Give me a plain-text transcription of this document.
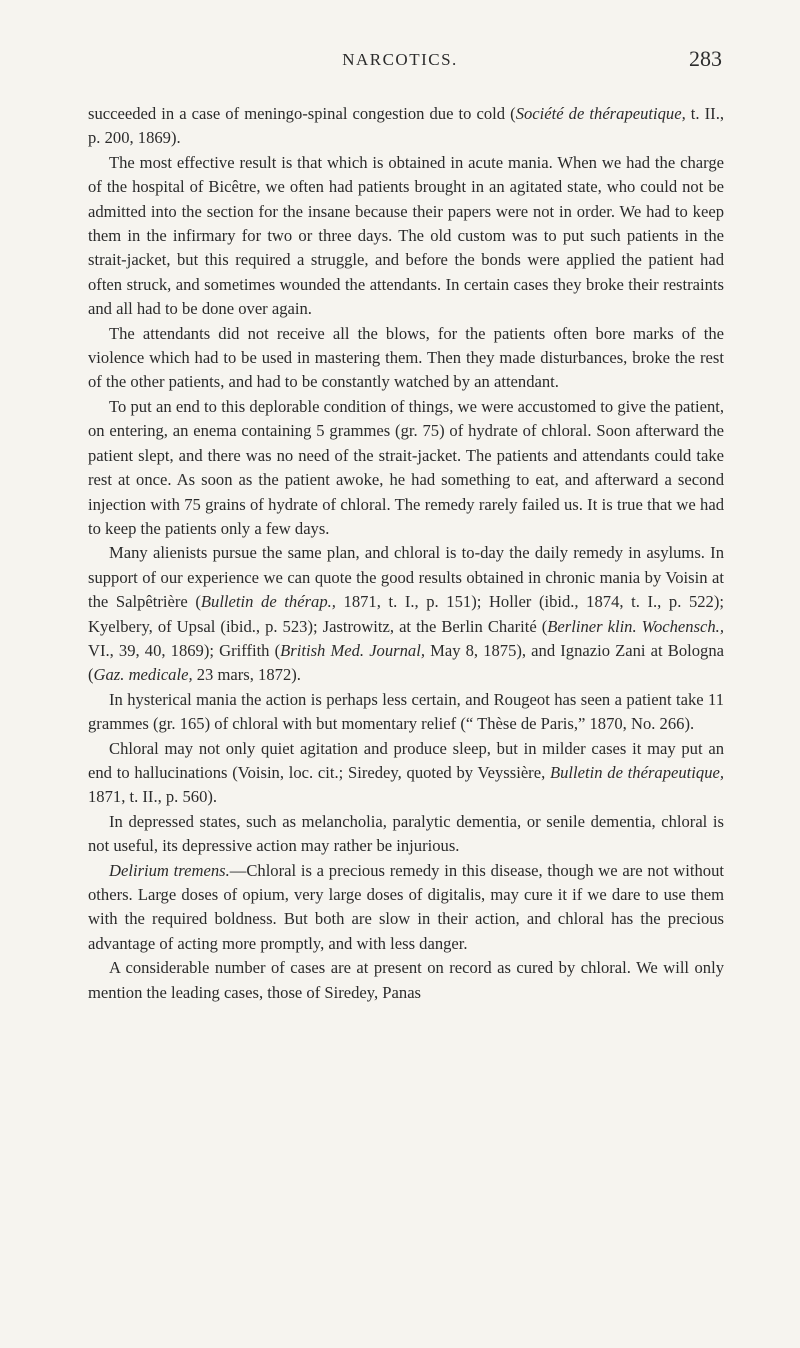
NARCOTICS.	283

succeeded in a case of meningo-spinal congestion due to cold (Société de thérapeutique, t. II., p. 200, 1869).

The most effective result is that which is obtained in acute mania. When we had the charge of the hospital of Bicêtre, we often had patients brought in an agitated state, who could not be admitted into the section for the insane because their papers were not in order. We had to keep them in the infirmary for two or three days. The old custom was to put such patients in the strait-jacket, but this required a struggle, and before the bonds were applied the patient had often struck, and sometimes wounded the attendants. In certain cases they broke their restraints and all had to be done over again.

The attendants did not receive all the blows, for the patients often bore marks of the violence which had to be used in mastering them. Then they made disturbances, broke the rest of the other patients, and had to be constantly watched by an attendant.

To put an end to this deplorable condition of things, we were accustomed to give the patient, on entering, an enema containing 5 grammes (gr. 75) of hydrate of chloral. Soon afterward the patient slept, and there was no need of the strait-jacket. The patients and attendants could take rest at once. As soon as the patient awoke, he had something to eat, and afterward a second injection with 75 grains of hydrate of chloral. The remedy rarely failed us. It is true that we had to keep the patients only a few days.

Many alienists pursue the same plan, and chloral is to-day the daily remedy in asylums. In support of our experience we can quote the good results obtained in chronic mania by Voisin at the Salpêtrière (Bulletin de thérap., 1871, t. I., p. 151); Holler (ibid., 1874, t. I., p. 522); Kyelbery, of Upsal (ibid., p. 523); Jastrowitz, at the Berlin Charité (Berliner klin. Wochensch., VI., 39, 40, 1869); Griffith (British Med. Journal, May 8, 1875), and Ignazio Zani at Bologna (Gaz. medicale, 23 mars, 1872).

In hysterical mania the action is perhaps less certain, and Rougeot has seen a patient take 11 grammes (gr. 165) of chloral with but momentary relief (“ Thèse de Paris,” 1870, No. 266).

Chloral may not only quiet agitation and produce sleep, but in milder cases it may put an end to hallucinations (Voisin, loc. cit.; Siredey, quoted by Veyssière, Bulletin de thérapeutique, 1871, t. II., p. 560).

In depressed states, such as melancholia, paralytic dementia, or senile dementia, chloral is not useful, its depressive action may rather be injurious.

Delirium tremens.—Chloral is a precious remedy in this disease, though we are not without others. Large doses of opium, very large doses of digitalis, may cure it if we dare to use them with the required boldness. But both are slow in their action, and chloral has the precious advantage of acting more promptly, and with less danger.

A considerable number of cases are at present on record as cured by chloral. We will only mention the leading cases, those of Siredey, Panas
